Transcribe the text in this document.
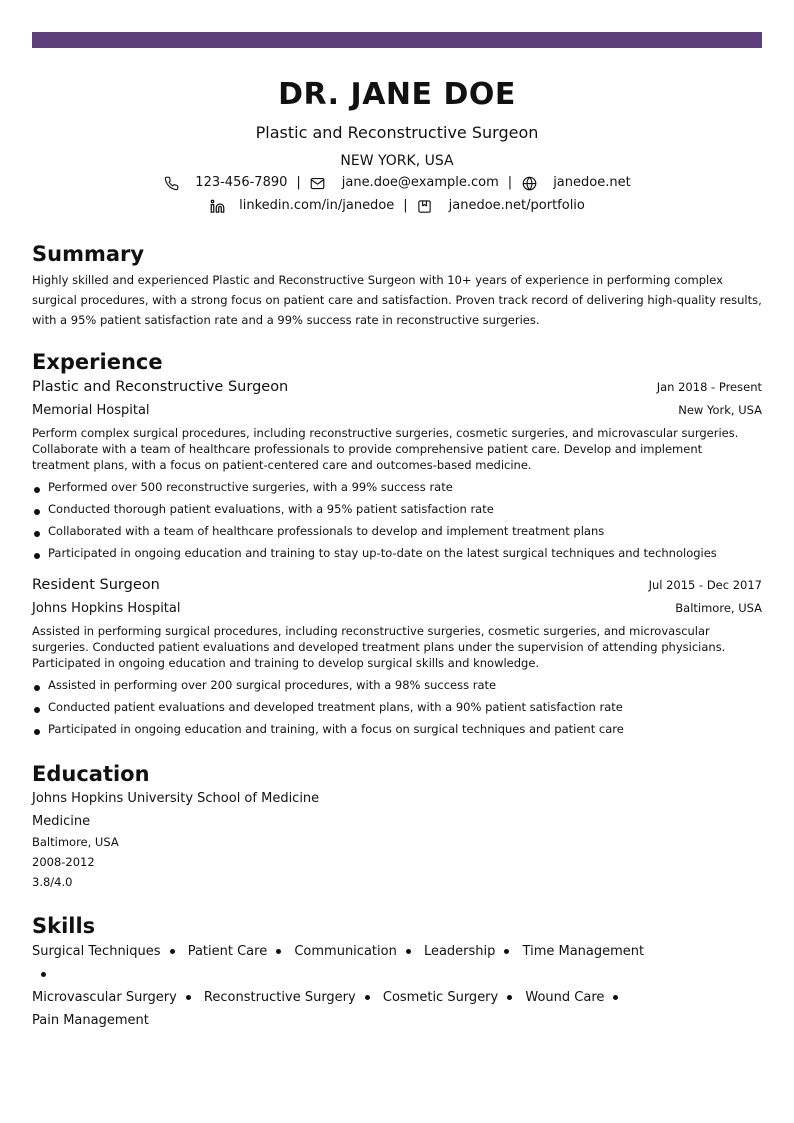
DR. JANE DOE
Plastic and Reconstructive Surgeon
NEW YORK, USA
123-456-7890 |	jane.doe@example.com |	janedoe.net
linkedin.com/in/janedoe |	janedoe.net/portfolio
Summary
Highly skilled and experienced Plastic and Reconstructive Surgeon with 10+ years of experience in performing complex surgical procedures, with a strong focus on patient care and satisfaction. Proven track record of delivering high-quality results, with a 95% patient satisfaction rate and a 99% success rate in reconstructive surgeries.
Experience
Plastic and Reconstructive Surgeon	Jan 2018 - Present
Memorial Hospital	New York, USA
Perform complex surgical procedures, including reconstructive surgeries, cosmetic surgeries, and microvascular surgeries. Collaborate with a team of healthcare professionals to provide comprehensive patient care. Develop and implement treatment plans, with a focus on patient-centered care and outcomes-based medicine.
Performed over 500 reconstructive surgeries, with a 99% success rate
Conducted thorough patient evaluations, with a 95% patient satisfaction rate
Collaborated with a team of healthcare professionals to develop and implement treatment plans
Participated in ongoing education and training to stay up-to-date on the latest surgical techniques and technologies
Resident Surgeon	Jul 2015 - Dec 2017
Johns Hopkins Hospital	Baltimore, USA
Assisted in performing surgical procedures, including reconstructive surgeries, cosmetic surgeries, and microvascular surgeries. Conducted patient evaluations and developed treatment plans under the supervision of attending physicians. Participated in ongoing education and training to develop surgical skills and knowledge.
Assisted in performing over 200 surgical procedures, with a 98% success rate
Conducted patient evaluations and developed treatment plans, with a 90% patient satisfaction rate
Participated in ongoing education and training, with a focus on surgical techniques and patient care
Education
Johns Hopkins University School of Medicine
Medicine
Baltimore, USA
2008-2012
3.8/4.0
Skills
Surgical Techniques Patient Care Communication Leadership Time Management
Microvascular Surgery Reconstructive Surgery Cosmetic Surgery Wound Care Pain Management
